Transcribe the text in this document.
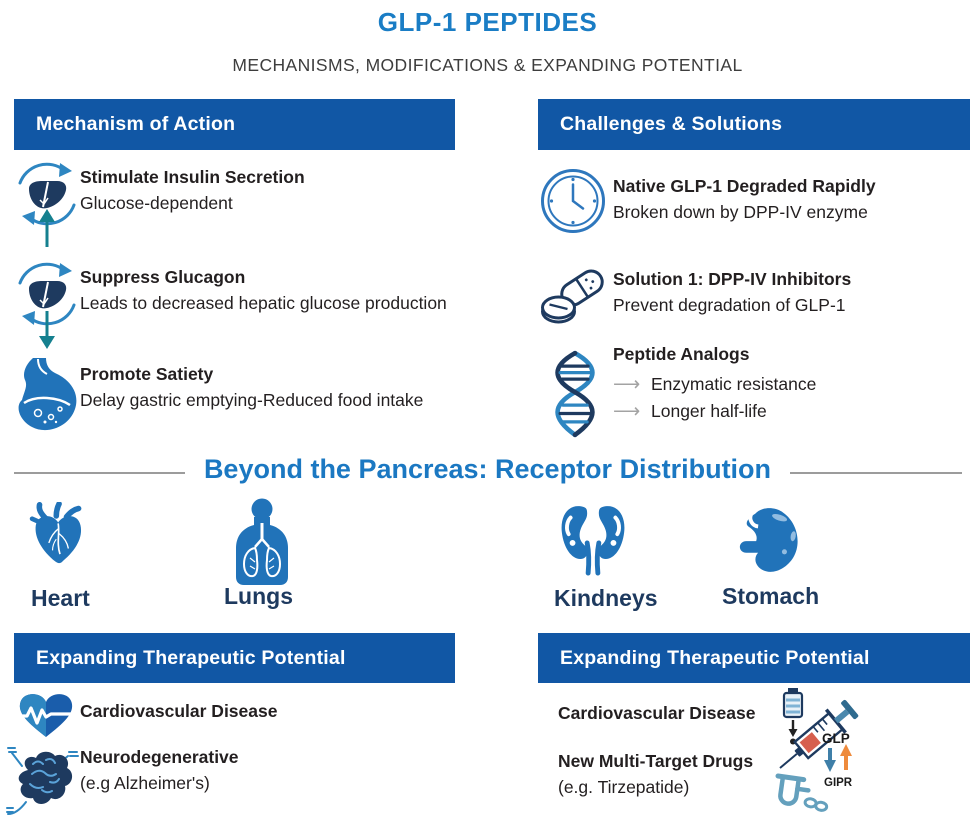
GLP-1 PEPTIDES
MECHANISMS, MODIFICATIONS & EXPANDING POTENTIAL
Mechanism of Action	Challenges & Solutions
Stimulate Insulin Secretion
Glucose-dependent
Suppress Glucagon
Leads to decreased hepatic glucose production
Promote Satiety
Delay gastric emptying-Reduced food intake
Native GLP-1 Degraded Rapidly
Broken down by DPP-IV enzyme
Solution 1: DPP-IV Inhibitors
Prevent degradation of GLP-1
Peptide Analogs
⟶ Enzymatic resistance
⟶ Longer half-life
Beyond the Pancreas: Receptor Distribution
Heart	Lungs	Kindneys	Stomach
Expanding Therapeutic Potential	Expanding Therapeutic Potential
Cardiovascular Disease
Neurodegenerative
(e.g Alzheimer's)
Cardiovascular Disease
New Multi-Target Drugs
(e.g. Tirzepatide)
GLP
GIPR
